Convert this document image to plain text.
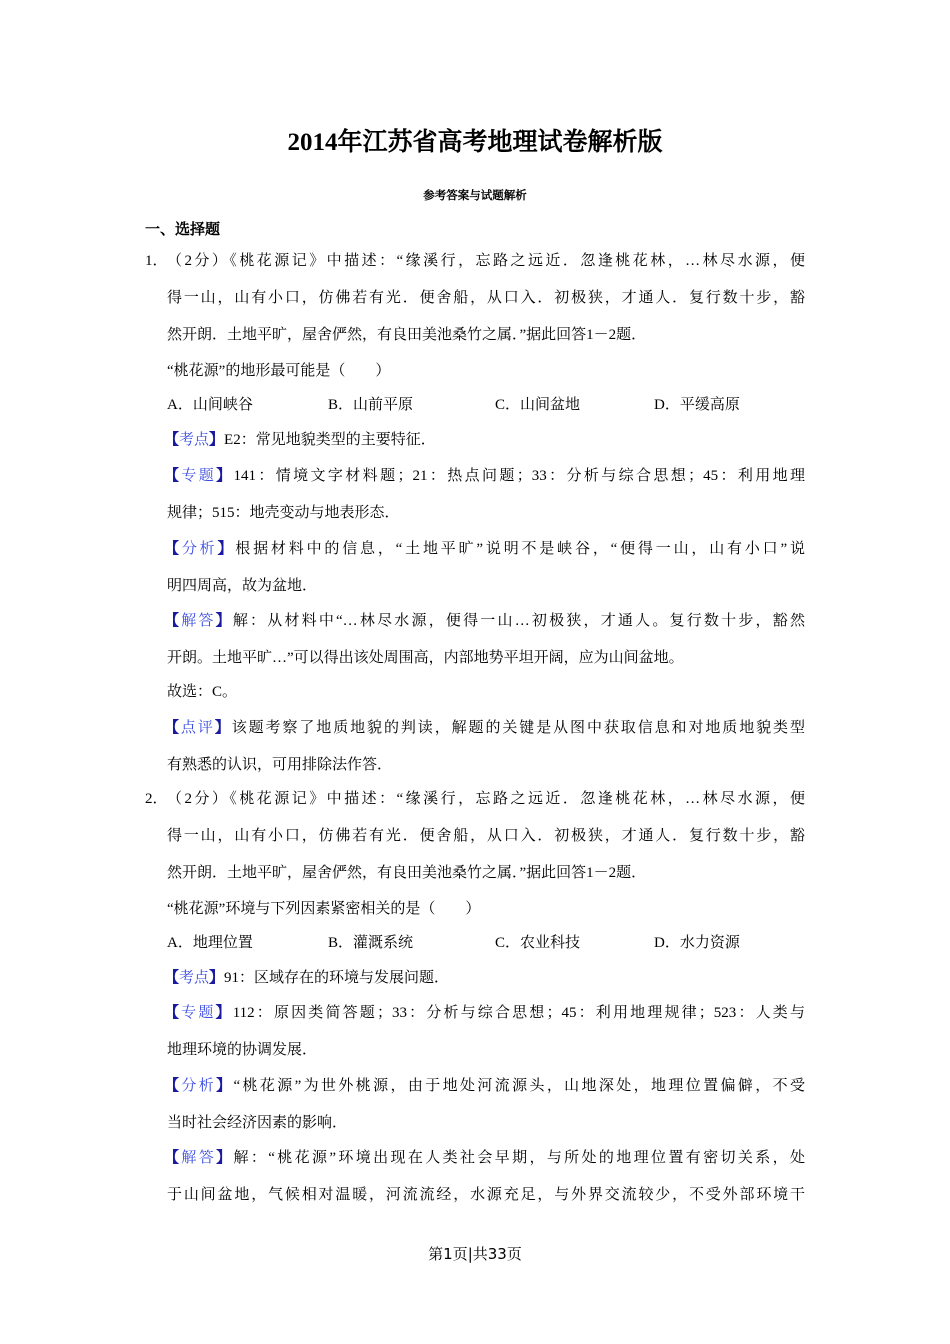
2014年江苏省高考地理试卷解析版
参考答案与试题解析
一、选择题
1． （2分）《桃花源记》中描述：“缘溪行，忘路之远近．忽逢桃花林，…林尽水源，便
得一山，山有小口，仿佛若有光．便舍船，从口入．初极狭，才通人．复行数十步，豁
然开朗．土地平旷，屋舍俨然，有良田美池桑竹之属．”据此回答1－2题．
“桃花源”的地形最可能是（　　）
A．山间峡谷	B．山前平原	C．山间盆地	D．平缓高原
【考点】E2：常见地貌类型的主要特征．
【专题】141：情境文字材料题；21：热点问题；33：分析与综合思想；45：利用地理
规律；515：地壳变动与地表形态．
【分析】根据材料中的信息，“土地平旷”说明不是峡谷，“便得一山，山有小口”说
明四周高，故为盆地．
【解答】解：从材料中“…林尽水源，便得一山…初极狭，才通人。复行数十步，豁然
开朗。土地平旷…”可以得出该处周围高，内部地势平坦开阔，应为山间盆地。
故选：C。
【点评】该题考察了地质地貌的判读，解题的关键是从图中获取信息和对地质地貌类型
有熟悉的认识，可用排除法作答．
2． （2分）《桃花源记》中描述：“缘溪行，忘路之远近．忽逢桃花林，…林尽水源，便
得一山，山有小口，仿佛若有光．便舍船，从口入．初极狭，才通人．复行数十步，豁
然开朗．土地平旷，屋舍俨然，有良田美池桑竹之属．”据此回答1－2题．
“桃花源”环境与下列因素紧密相关的是（　　）
A．地理位置	B．灌溉系统	C．农业科技	D．水力资源
【考点】91：区域存在的环境与发展问题．
【专题】112：原因类简答题；33：分析与综合思想；45：利用地理规律；523：人类与
地理环境的协调发展．
【分析】“桃花源”为世外桃源，由于地处河流源头，山地深处，地理位置偏僻，不受
当时社会经济因素的影响．
【解答】解：“桃花源”环境出现在人类社会早期，与所处的地理位置有密切关系，处
于山间盆地，气候相对温暖，河流流经，水源充足，与外界交流较少，不受外部环境干
第1页|共33页
